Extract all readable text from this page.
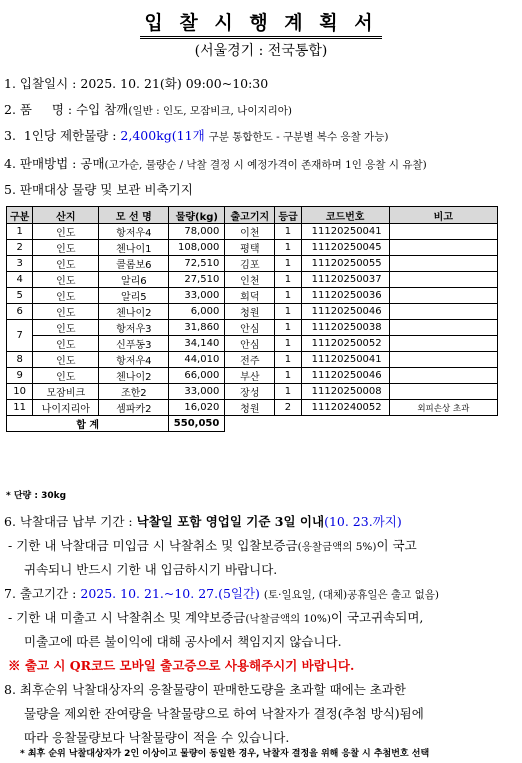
입 찰 시 행 계 획 서
(서울경기 : 전국통합)
1. 입찰일시 : 2025. 10. 21(화) 09:00~10:30
2. 품     명 : 수입 참깨(일반 : 인도, 모잠비크, 나이지리아)
3.  1인당 제한물량 : 2,400kg(11개 구분 통합한도 - 구분별 복수 응찰 가능)
4. 판매방법 : 공매(고가순, 물량순 / 낙찰 결정 시 예정가격이 존재하며 1인 응찰 시 유찰)
5. 판매대상 물량 및 보관 비축기지
구분	산지	모 선 명	물량(kg)	출고기지	등급	코드번호	비고
1	인도	항저우4	78,000	이천	1	11120250041	
2	인도	첸나이1	108,000	평택	1	11120250045	
3	인도	콜롬보6	72,510	김포	1	11120250055	
4	인도	알리6	27,510	인천	1	11120250037	
5	인도	알리5	33,000	회덕	1	11120250036	
6	인도	첸나이2	6,000	청원	1	11120250046	
7	인도	항저우3	31,860	안심	1	11120250038	
	인도	신푸동3	34,140	안심	1	11120250052	
8	인도	항저우4	44,010	전주	1	11120250041	
9	인도	첸나이2	66,000	부산	1	11120250046	
10	모잠비크	조한2	33,000	장성	1	11120250008	
11	나이지리아	셈파카2	16,020	청원	2	11120240052	외피손상 초과
합 계			550,050				
* 단량 : 30kg
6. 낙찰대금 납부 기간 : 낙찰일 포함 영업일 기준 3일 이내(10. 23.까지)
- 기한 내 낙찰대금 미입금 시 낙찰취소 및 입찰보증금(응찰금액의 5%)이 국고
귀속되니 반드시 기한 내 입금하시기 바랍니다.
7. 출고기간 : 2025. 10. 21.~10. 27.(5일간) (토·일요일, (대체)공휴일은 출고 없음)
- 기한 내 미출고 시 낙찰취소 및 계약보증금(낙찰금액의 10%)이 국고귀속되며,
미출고에 따른 불이익에 대해 공사에서 책임지지 않습니다.
※ 출고 시 QR코드 모바일 출고증으로 사용해주시기 바랍니다.
8. 최후순위 낙찰대상자의 응찰물량이 판매한도량을 초과할 때에는 초과한
물량을 제외한 잔여량을 낙찰물량으로 하여 낙찰자가 결정(추첨 방식)됨에
따라 응찰물량보다 낙찰물량이 적을 수 있습니다.
* 최후 순위 낙찰대상자가 2인 이상이고 물량이 동일한 경우, 낙찰자 결정을 위해 응찰 시 추첨번호 선택
